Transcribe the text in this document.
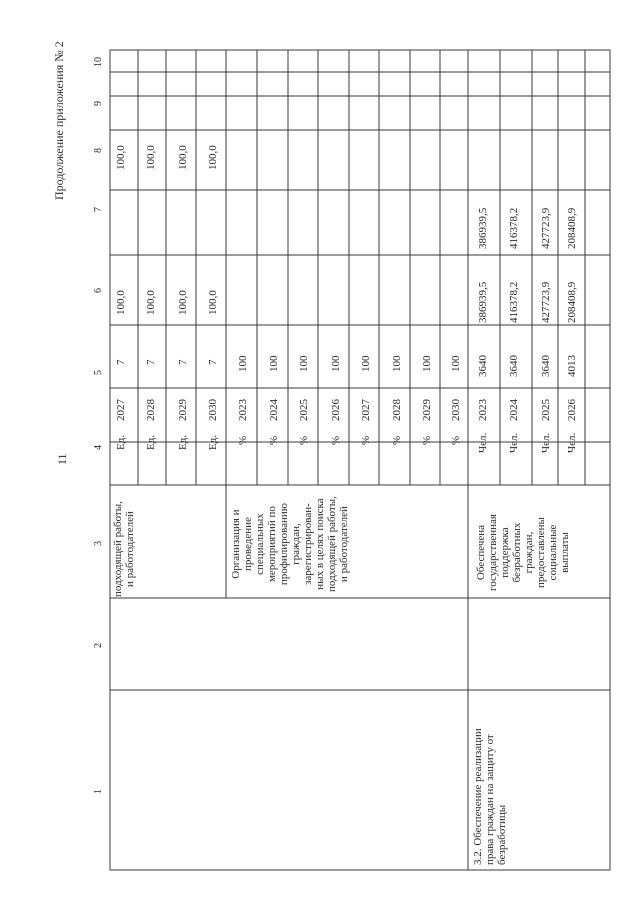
Продолжение приложения № 2
11
1
2
3
4
5
6
7
8
9
10
подходящей работы, и работодателей
Ед.
2027
7
100,0
100,0
Ед.
2028
7
100,0
100,0
Ед.
2029
7
100,0
100,0
Ед.
2030
7
100,0
100,0
Организация и проведение специальных мероприятий по профилированию граждан, зарегистрирован- ных в целях поиска подходящей работы, и работодателей
%
2023
100
%
2024
100
%
2025
100
%
2026
100
%
2027
100
%
2028
100
%
2029
100
%
2030
100
3.2. Обеспечение реализации права граждан на защиту от безработицы
Обеспечена государственная поддержка безработных граждан, предоставлены социальные выплаты
Чел.
2023
3640
386939,5
386939,5
Чел.
2024
3640
416378,2
416378,2
Чел.
2025
3640
427723,9
427723,9
Чел.
2026
4013
208408,9
208408,9
